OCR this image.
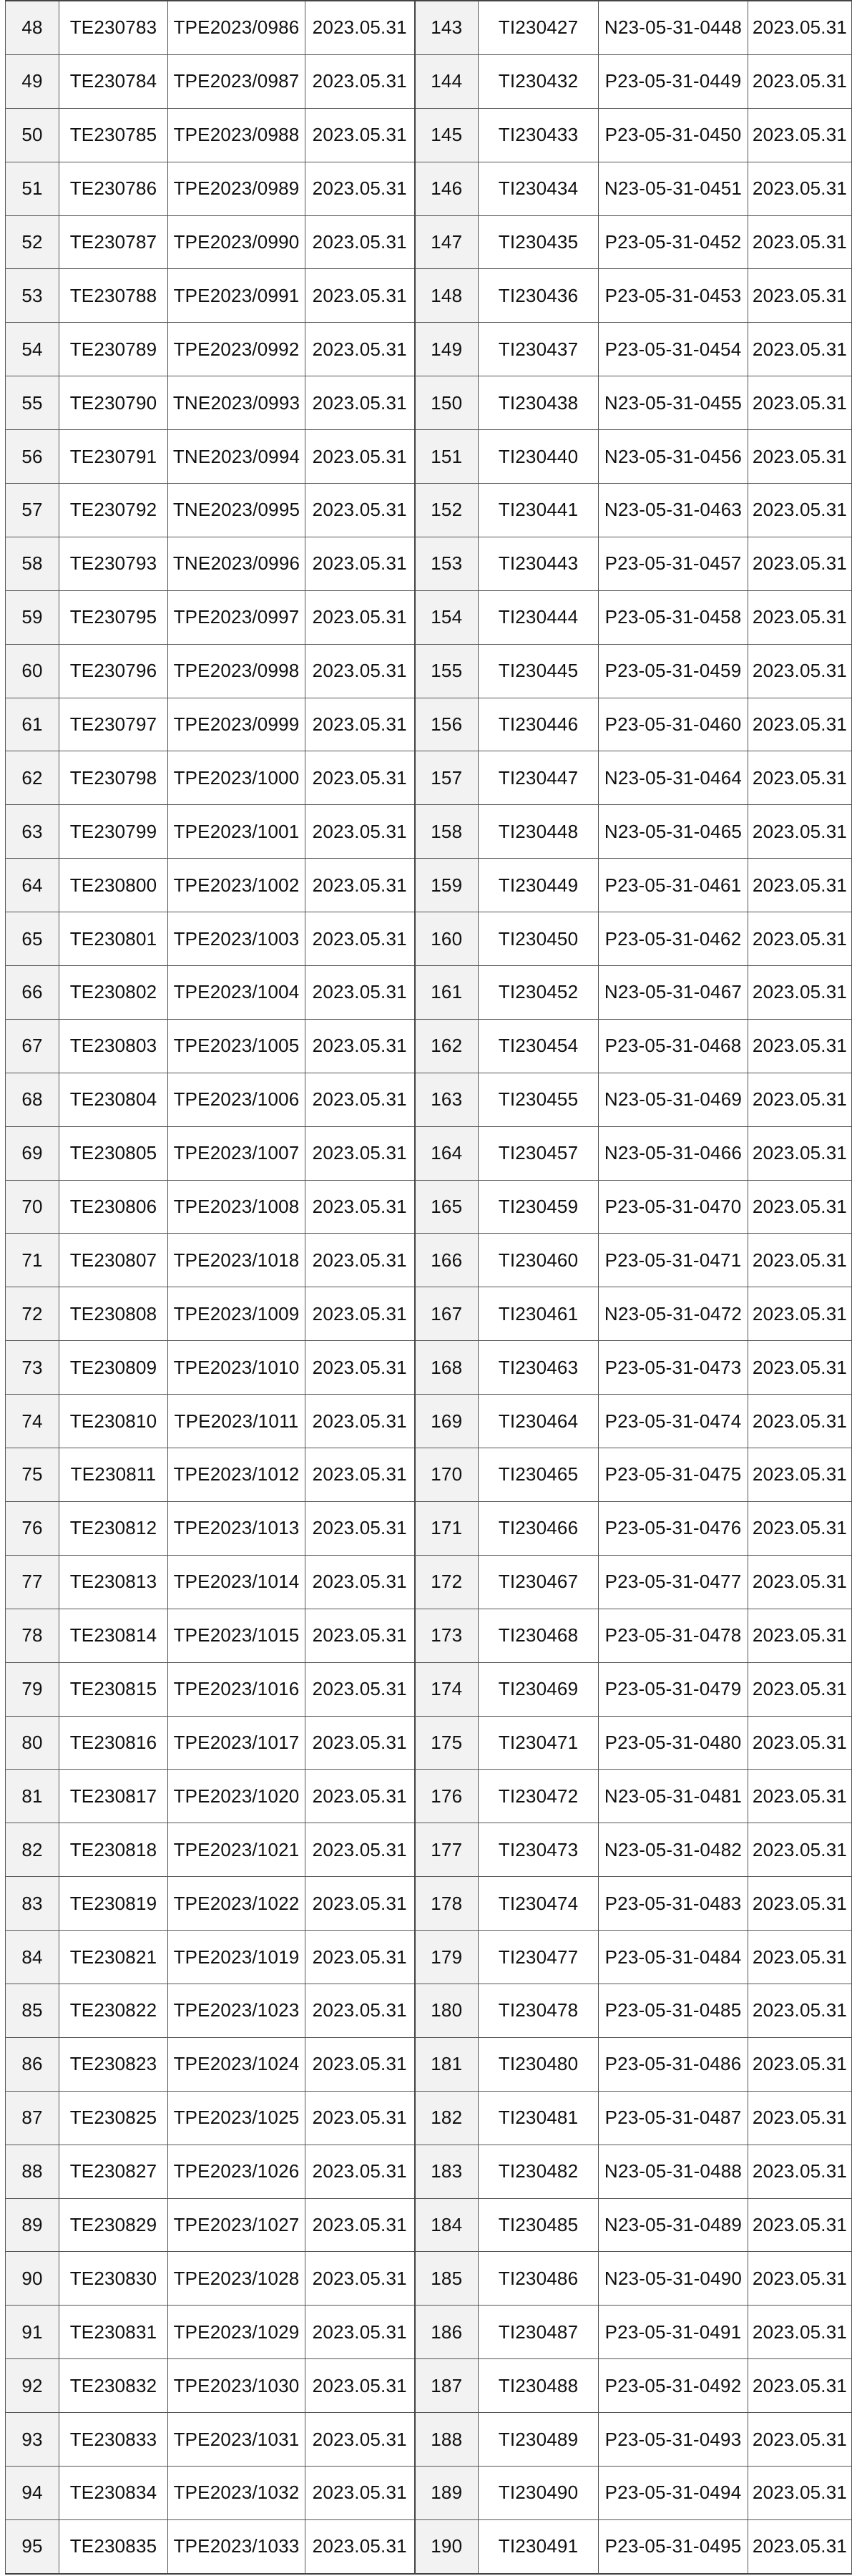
48	TE230783	TPE2023/0986	2023.05.31	143	TI230427	N23-05-31-0448	2023.05.31
49	TE230784	TPE2023/0987	2023.05.31	144	TI230432	P23-05-31-0449	2023.05.31
50	TE230785	TPE2023/0988	2023.05.31	145	TI230433	P23-05-31-0450	2023.05.31
51	TE230786	TPE2023/0989	2023.05.31	146	TI230434	N23-05-31-0451	2023.05.31
52	TE230787	TPE2023/0990	2023.05.31	147	TI230435	P23-05-31-0452	2023.05.31
53	TE230788	TPE2023/0991	2023.05.31	148	TI230436	P23-05-31-0453	2023.05.31
54	TE230789	TPE2023/0992	2023.05.31	149	TI230437	P23-05-31-0454	2023.05.31
55	TE230790	TNE2023/0993	2023.05.31	150	TI230438	N23-05-31-0455	2023.05.31
56	TE230791	TNE2023/0994	2023.05.31	151	TI230440	N23-05-31-0456	2023.05.31
57	TE230792	TNE2023/0995	2023.05.31	152	TI230441	N23-05-31-0463	2023.05.31
58	TE230793	TNE2023/0996	2023.05.31	153	TI230443	P23-05-31-0457	2023.05.31
59	TE230795	TPE2023/0997	2023.05.31	154	TI230444	P23-05-31-0458	2023.05.31
60	TE230796	TPE2023/0998	2023.05.31	155	TI230445	P23-05-31-0459	2023.05.31
61	TE230797	TPE2023/0999	2023.05.31	156	TI230446	P23-05-31-0460	2023.05.31
62	TE230798	TPE2023/1000	2023.05.31	157	TI230447	N23-05-31-0464	2023.05.31
63	TE230799	TPE2023/1001	2023.05.31	158	TI230448	N23-05-31-0465	2023.05.31
64	TE230800	TPE2023/1002	2023.05.31	159	TI230449	P23-05-31-0461	2023.05.31
65	TE230801	TPE2023/1003	2023.05.31	160	TI230450	P23-05-31-0462	2023.05.31
66	TE230802	TPE2023/1004	2023.05.31	161	TI230452	N23-05-31-0467	2023.05.31
67	TE230803	TPE2023/1005	2023.05.31	162	TI230454	P23-05-31-0468	2023.05.31
68	TE230804	TPE2023/1006	2023.05.31	163	TI230455	N23-05-31-0469	2023.05.31
69	TE230805	TPE2023/1007	2023.05.31	164	TI230457	N23-05-31-0466	2023.05.31
70	TE230806	TPE2023/1008	2023.05.31	165	TI230459	P23-05-31-0470	2023.05.31
71	TE230807	TPE2023/1018	2023.05.31	166	TI230460	P23-05-31-0471	2023.05.31
72	TE230808	TPE2023/1009	2023.05.31	167	TI230461	N23-05-31-0472	2023.05.31
73	TE230809	TPE2023/1010	2023.05.31	168	TI230463	P23-05-31-0473	2023.05.31
74	TE230810	TPE2023/1011	2023.05.31	169	TI230464	P23-05-31-0474	2023.05.31
75	TE230811	TPE2023/1012	2023.05.31	170	TI230465	P23-05-31-0475	2023.05.31
76	TE230812	TPE2023/1013	2023.05.31	171	TI230466	P23-05-31-0476	2023.05.31
77	TE230813	TPE2023/1014	2023.05.31	172	TI230467	P23-05-31-0477	2023.05.31
78	TE230814	TPE2023/1015	2023.05.31	173	TI230468	P23-05-31-0478	2023.05.31
79	TE230815	TPE2023/1016	2023.05.31	174	TI230469	P23-05-31-0479	2023.05.31
80	TE230816	TPE2023/1017	2023.05.31	175	TI230471	P23-05-31-0480	2023.05.31
81	TE230817	TPE2023/1020	2023.05.31	176	TI230472	N23-05-31-0481	2023.05.31
82	TE230818	TPE2023/1021	2023.05.31	177	TI230473	N23-05-31-0482	2023.05.31
83	TE230819	TPE2023/1022	2023.05.31	178	TI230474	P23-05-31-0483	2023.05.31
84	TE230821	TPE2023/1019	2023.05.31	179	TI230477	P23-05-31-0484	2023.05.31
85	TE230822	TPE2023/1023	2023.05.31	180	TI230478	P23-05-31-0485	2023.05.31
86	TE230823	TPE2023/1024	2023.05.31	181	TI230480	P23-05-31-0486	2023.05.31
87	TE230825	TPE2023/1025	2023.05.31	182	TI230481	P23-05-31-0487	2023.05.31
88	TE230827	TPE2023/1026	2023.05.31	183	TI230482	N23-05-31-0488	2023.05.31
89	TE230829	TPE2023/1027	2023.05.31	184	TI230485	N23-05-31-0489	2023.05.31
90	TE230830	TPE2023/1028	2023.05.31	185	TI230486	N23-05-31-0490	2023.05.31
91	TE230831	TPE2023/1029	2023.05.31	186	TI230487	P23-05-31-0491	2023.05.31
92	TE230832	TPE2023/1030	2023.05.31	187	TI230488	P23-05-31-0492	2023.05.31
93	TE230833	TPE2023/1031	2023.05.31	188	TI230489	P23-05-31-0493	2023.05.31
94	TE230834	TPE2023/1032	2023.05.31	189	TI230490	P23-05-31-0494	2023.05.31
95	TE230835	TPE2023/1033	2023.05.31	190	TI230491	P23-05-31-0495	2023.05.31
